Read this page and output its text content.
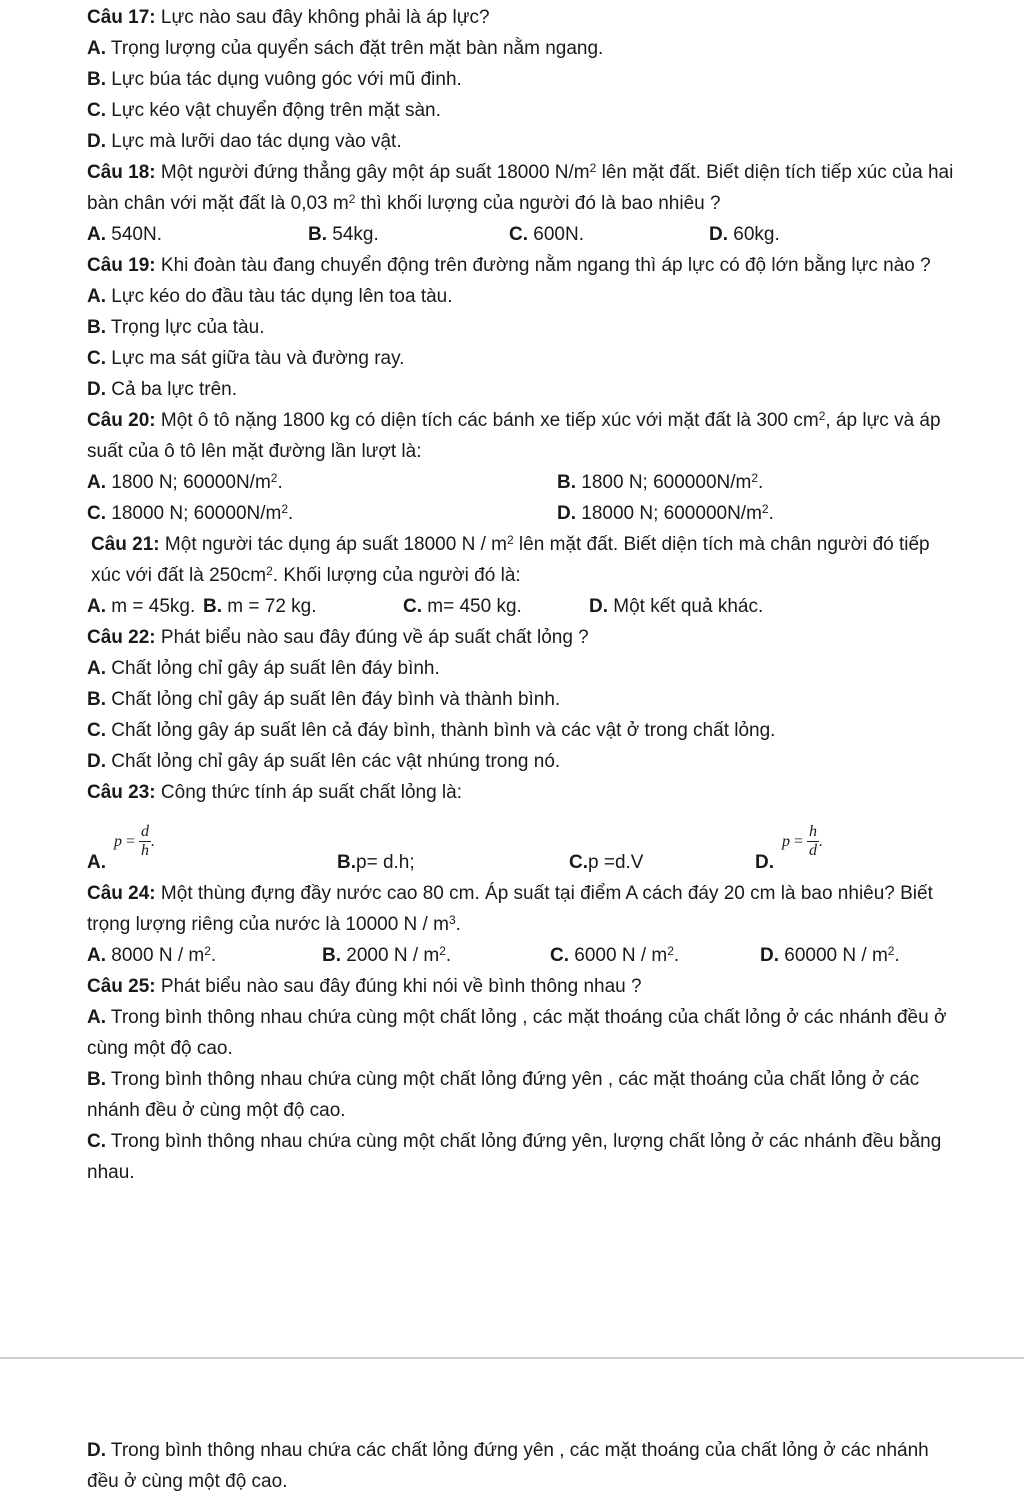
Câu 17: Lực nào sau đây không phải là áp lực?

A. Trọng lượng của quyển sách đặt trên mặt bàn nằm ngang.

B. Lực búa tác dụng vuông góc với mũ đinh.

C. Lực kéo vật chuyển động trên mặt sàn.

D. Lực mà lưỡi dao tác dụng vào vật.

Câu 18: Một người đứng thẳng gây một áp suất 18000 $N/m^2$ lên mặt đất. Biết diện tích tiếp xúc của hai bàn chân với mặt đất là 0,03 $m^2$ thì khối lượng của người đó là bao nhiêu ?

A. 540N.	B. 54kg.	C. 600N.	D. 60kg.

Câu 19: Khi đoàn tàu đang chuyển động trên đường nằm ngang thì áp lực có độ lớn bằng lực nào ?

A. Lực kéo do đầu tàu tác dụng lên toa tàu.

B. Trọng lực của tàu.

C. Lực ma sát giữa tàu và đường ray.

D. Cả ba lực trên.

Câu 20: Một ô tô nặng 1800 kg có diện tích các bánh xe tiếp xúc với mặt đất là 300 $cm^2$, áp lực và áp suất của ô tô lên mặt đường lần lượt là:

A. 1800 N; $60000N/m^2$.	B. 1800 N; $600000N/m^2$.
C. 18000 N; $60000N/m^2$.	D. 18000 N; $600000N/m^2$.

Câu 21: Một người tác dụng áp suất 18000 N / $m^2$ lên mặt đất. Biết diện tích mà chân người đó tiếp xúc với đất là $250cm^2$. Khối lượng của người đó là:

A. m = 45kg. B. m = 72 kg.	C. m= 450 kg.	D. Một kết quả khác.

Câu 22: Phát biểu nào sau đây đúng về áp suất chất lỏng ?

A. Chất lỏng chỉ gây áp suất lên đáy bình.

B. Chất lỏng chỉ gây áp suất lên đáy bình và thành bình.

C. Chất lỏng gây áp suất lên cả đáy bình, thành bình và các vật ở trong chất lỏng.

D. Chất lỏng chỉ gây áp suất lên các vật nhúng trong nó.

Câu 23: Công thức tính áp suất chất lỏng là:

A.
$p = \frac{d}{h}$ .
B. p= d.h;	C. p =d.V	D.
$p = \frac{h}{d}$ .

Câu 24: Một thùng đựng đầy nước cao 80 cm. Áp suất tại điểm A cách đáy 20 cm là bao nhiêu? Biết trọng lượng riêng của nước là 10000 N / $m^3$.

A. 8000 N / $m^2$.	B. 2000 N / $m^2$.	C. 6000 N / $m^2$.	D. 60000 N / $m^2$.

Câu 25: Phát biểu nào sau đây đúng khi nói về bình thông nhau ?

A. Trong bình thông nhau chứa cùng một chất lỏng , các mặt thoáng của chất lỏng ở các nhánh đều ở cùng một độ cao.

B. Trong bình thông nhau chứa cùng một chất lỏng đứng yên , các mặt thoáng của chất lỏng ở các nhánh đều ở cùng một độ cao.

C. Trong bình thông nhau chứa cùng một chất lỏng đứng yên, lượng chất lỏng ở các nhánh đều bằng nhau.

D. Trong bình thông nhau chứa các chất lỏng đứng yên , các mặt thoáng của chất lỏng ở các nhánh đều ở cùng một độ cao.
